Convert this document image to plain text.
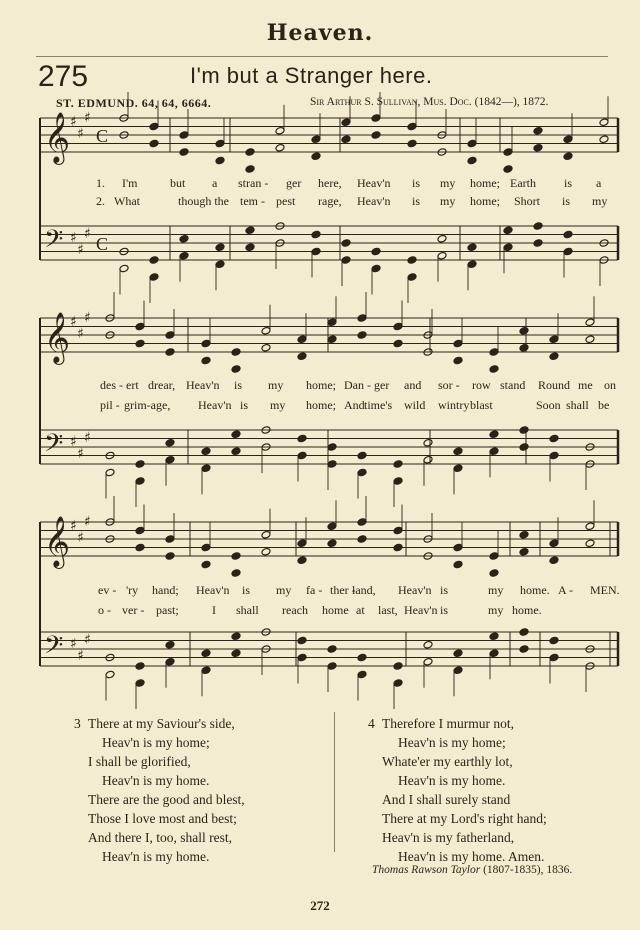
Heaven.
275	I'm but a Stranger here.
ST. EDMUND. 64, 64, 6664.	Sir Arthur S. Sullivan, Mus. Doc. (1842—), 1872.
𝄞 ♯
♯
♯
C
𝄢 ♯
♯
♯ C
𝄞 ♯
♯
♯
𝄢 ♯
♯
♯
𝄞 ♯
♯
♯
𝄢 ♯
♯
♯
1. I'm	but a stran - ger here, Heav'n is my home; Earth is a
2. What	though the tem - pest rage, Heav'n is my home; Short is my
des - ert drear, Heav'n is my home; Dan - ger and sor - row stand Round me on
pil - grim-age, Heav'n is my home; And time's wild wintry blast	Soon shall be
ev - 'ry hand; Heav'n is my fa - ther -
land, Heav'n is	my home. A - MEN.
o - ver - past;	I shall reach home at last, Heav'n is	my home.
3 There at my Saviour's side,
Heav'n is my home;
I shall be glorified,
Heav'n is my home.
There are the good and blest,
Those I love most and best;
And there I, too, shall rest,
Heav'n is my home.
4 Therefore I murmur not,
Heav'n is my home;
Whate'er my earthly lot,
Heav'n is my home.
And I shall surely stand
There at my Lord's right hand;
Heav'n is my fatherland,
Heav'n is my home. Amen.
Thomas Rawson Taylor (1807-1835), 1836.
272
